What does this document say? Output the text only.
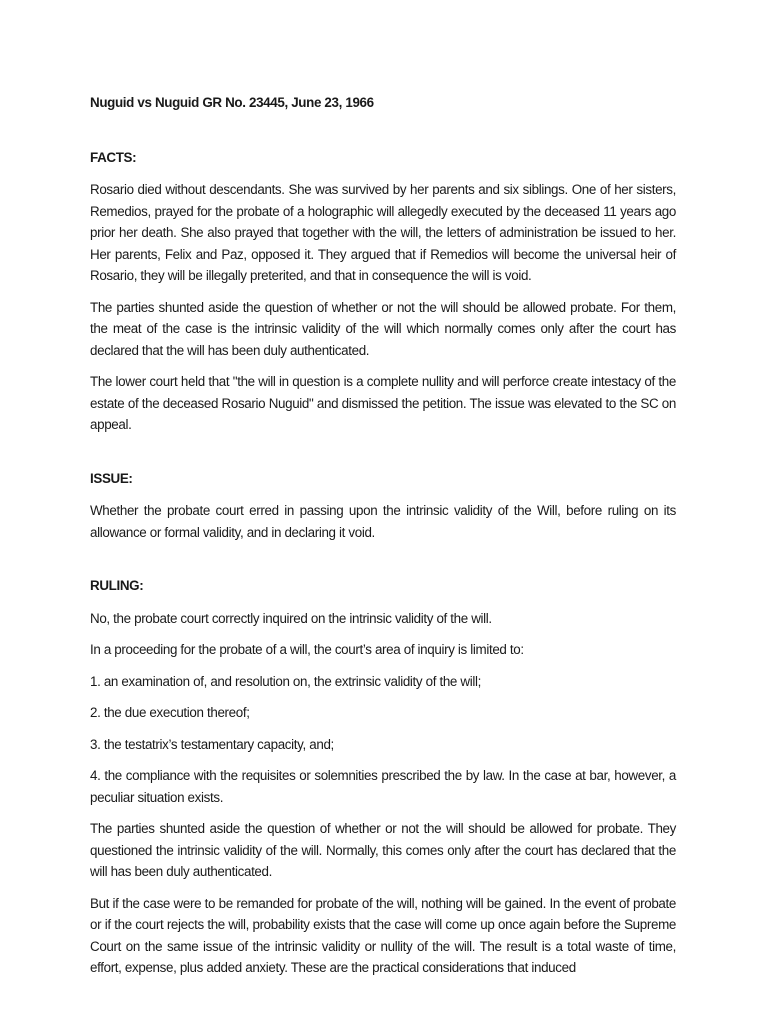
Nuguid vs Nuguid GR No. 23445, June 23, 1966
FACTS:

Rosario died without descendants. She was survived by her parents and six siblings. One of her sisters, Remedios, prayed for the probate of a holographic will allegedly executed by the deceased 11 years ago prior her death. She also prayed that together with the will, the letters of administration be issued to her. Her parents, Felix and Paz, opposed it. They argued that if Remedios will become the universal heir of Rosario, they will be illegally preterited, and that in consequence the will is void.

The parties shunted aside the question of whether or not the will should be allowed probate. For them, the meat of the case is the intrinsic validity of the will which normally comes only after the court has declared that the will has been duly authenticated.

The lower court held that "the will in question is a complete nullity and will perforce create intestacy of the estate of the deceased Rosario Nuguid" and dismissed the petition. The issue was elevated to the SC on appeal.

ISSUE:

Whether the probate court erred in passing upon the intrinsic validity of the Will, before ruling on its allowance or formal validity, and in declaring it void.

RULING:

No, the probate court correctly inquired on the intrinsic validity of the will.

In a proceeding for the probate of a will, the court’s area of inquiry is limited to:

1. an examination of, and resolution on, the extrinsic validity of the will;
2. the due execution thereof;
3. the testatrix’s testamentary capacity, and;
4. the compliance with the requisites or solemnities prescribed the by law. In the case at bar, however, a peculiar situation exists.

The parties shunted aside the question of whether or not the will should be allowed for probate. They questioned the intrinsic validity of the will. Normally, this comes only after the court has declared that the will has been duly authenticated.

But if the case were to be remanded for probate of the will, nothing will be gained. In the event of probate or if the court rejects the will, probability exists that the case will come up once again before the Supreme Court on the same issue of the intrinsic validity or nullity of the will. The result is a total waste of time, effort, expense, plus added anxiety. These are the practical considerations that induced
